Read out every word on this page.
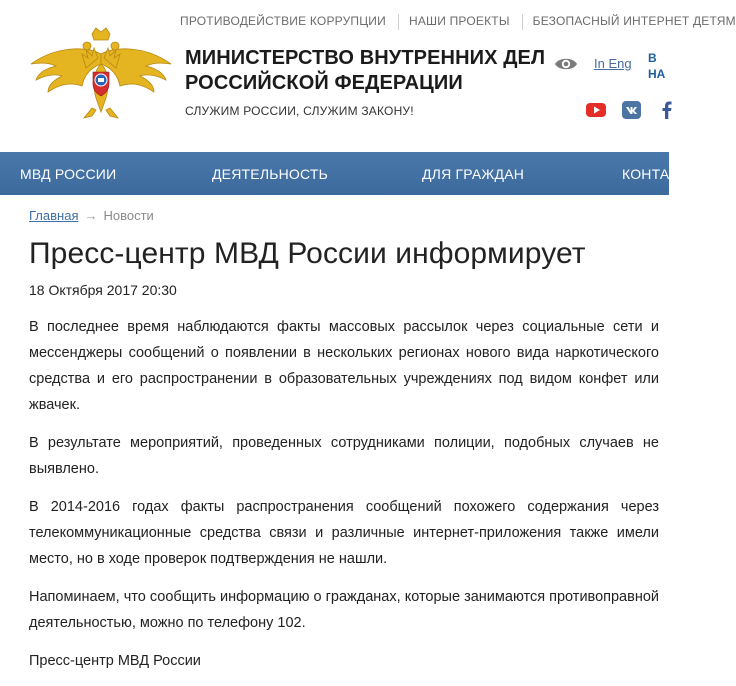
ПРОТИВОДЕЙСТВИЕ КОРРУПЦИИ НАШИ ПРОЕКТЫ БЕЗОПАСНЫЙ ИНТЕРНЕТ ДЕТЯМ
МИНИСТЕРСТВО ВНУТРЕННИХ ДЕЛ
РОССИЙСКОЙ ФЕДЕРАЦИИ
СЛУЖИМ РОССИИ, СЛУЖИМ ЗАКОНУ!
In Eng В
НА
МВД РОССИИ	ДЕЯТЕЛЬНОСТЬ	ДЛЯ ГРАЖДАН	КОНТАКТЫ
Главная → Новости
Пресс-центр МВД России информирует
18 Октября 2017 20:30

В последнее время наблюдаются факты массовых рассылок через социальные сети и мессенджеры сообщений о появлении в нескольких регионах нового вида наркотического средства и его распространении в образовательных учреждениях под видом конфет или жвачек.

В результате мероприятий, проведенных сотрудниками полиции, подобных случаев не выявлено.

В 2014-2016 годах факты распространения сообщений похожего содержания через телекоммуникационные средства связи и различные интернет-приложения также имели место, но в ходе проверок подтверждения не нашли.

Напоминаем, что сообщить информацию о гражданах, которые занимаются противоправной деятельностью, можно по телефону 102.

Пресс-центр МВД России
